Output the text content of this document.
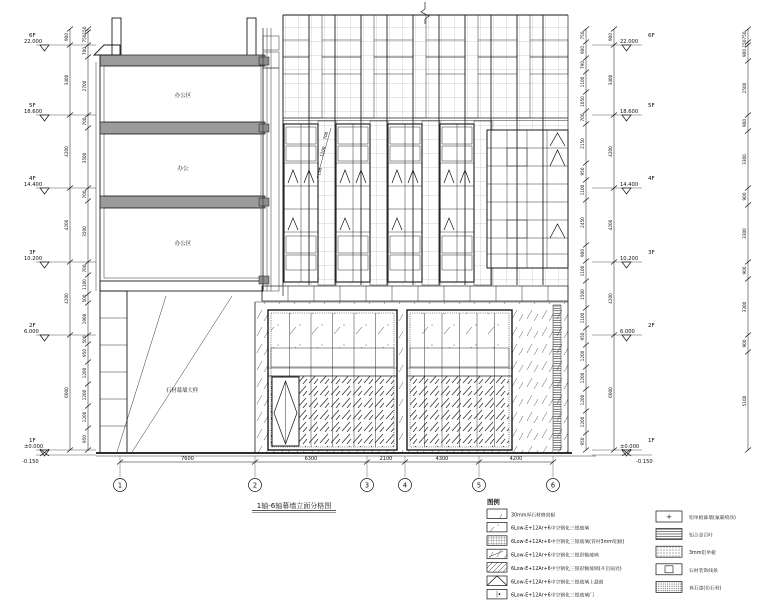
石材幕墙大样
办公区
办公
办公区
150
1100
700
6F
22.000
6F
22.000
5F
18.600
5F
18.600
4F
14.400
4F
14.400
3F
10.200
3F
10.200
2F
6.000
2F
6.000
1F
±0.000
1F
±0.000
-0.150	-0.150
900
3400
4200
4200
4200
6000
150
750
700
2700
700
3500
700
3500
700
1100
500
1900
500
950
1200
1200
1200
950
750
900
790
1100
1050
700
2150
950
1100
2450
900
1100
1500
1100
950
1200
1200
1200
1200
950
900
3400
4200
4200
4200
6000
750
150
900
2500
900
3300
900
3300
900
3300
900
5100
7600	6300	2100	4300	4200
1	2	3	4	5	6
1轴-6轴幕墙立面分格图	图例
30mm厚石材蜂窝板
6Low-E+12Ar+6中空钢化三银玻璃
6Low-E+12Ar+6中空钢化三银玻璃(背衬3mm铝板)
6Low-E+12Ar+6中空钢化三银彩釉玻璃
6Low-E+12Ar+6中空钢化三银彩釉玻璃(开启扇处)
6Low-E+12Ar+6中空钢化三银玻璃上悬窗
6Low-E+12Ar+6中空钢化三银玻璃门
+	铝单板幕墙(氟碳喷涂)
铝合金百叶
3mm铝单板
石材装饰线条
真石漆(仿石材)
